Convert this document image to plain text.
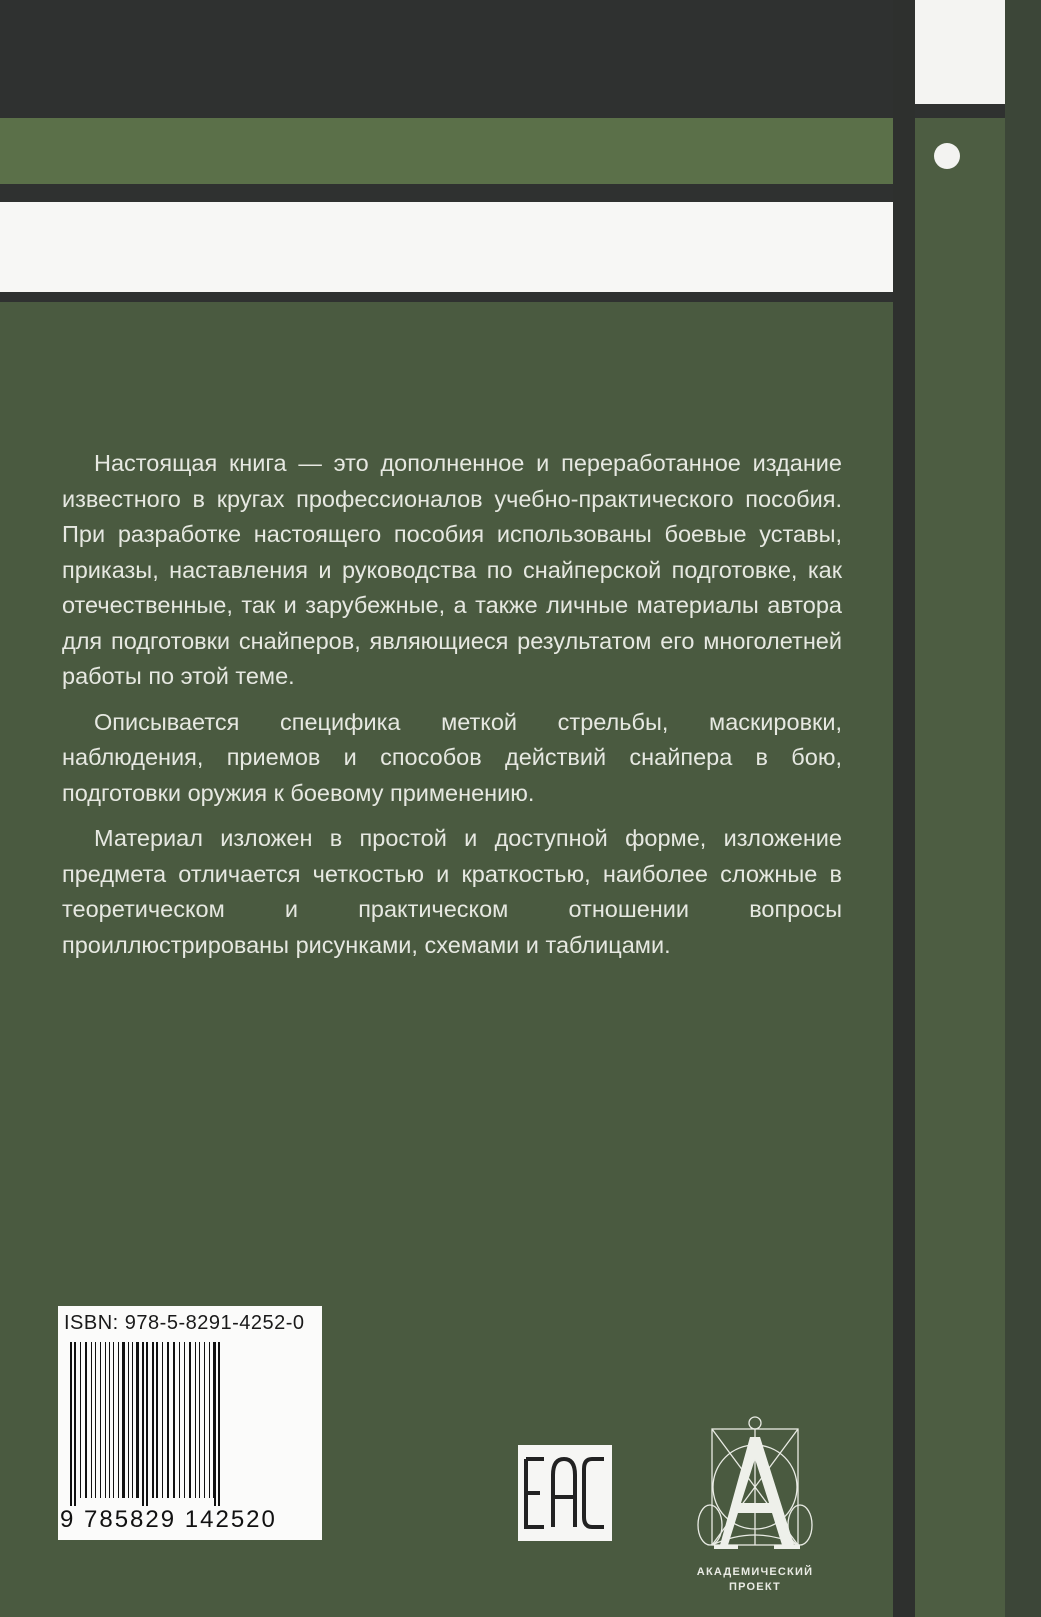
Настоящая книга — это дополненное и переработанное издание известного в кругах профессионалов учебно-практического пособия. При разработке настоящего пособия использованы боевые уставы, приказы, наставления и руководства по снайперской подготовке, как отечественные, так и зарубежные, а также личные материалы автора для подготовки снайперов, являющиеся результатом его многолетней работы по этой теме.

Описывается специфика меткой стрельбы, маскировки, наблюдения, приемов и способов действий снайпера в бою, подготовки оружия к боевому применению.

Материал изложен в простой и доступной форме, изложение предмета отличается четкостью и краткостью, наиболее сложные в теоретическом и практическом отношении вопросы проиллюстрированы рисунками, схемами и таблицами.

ISBN: 978-5-8291-4252-0
9 785829 142520
АКАДЕМИЧЕСКИЙ
ПРОЕКТ
